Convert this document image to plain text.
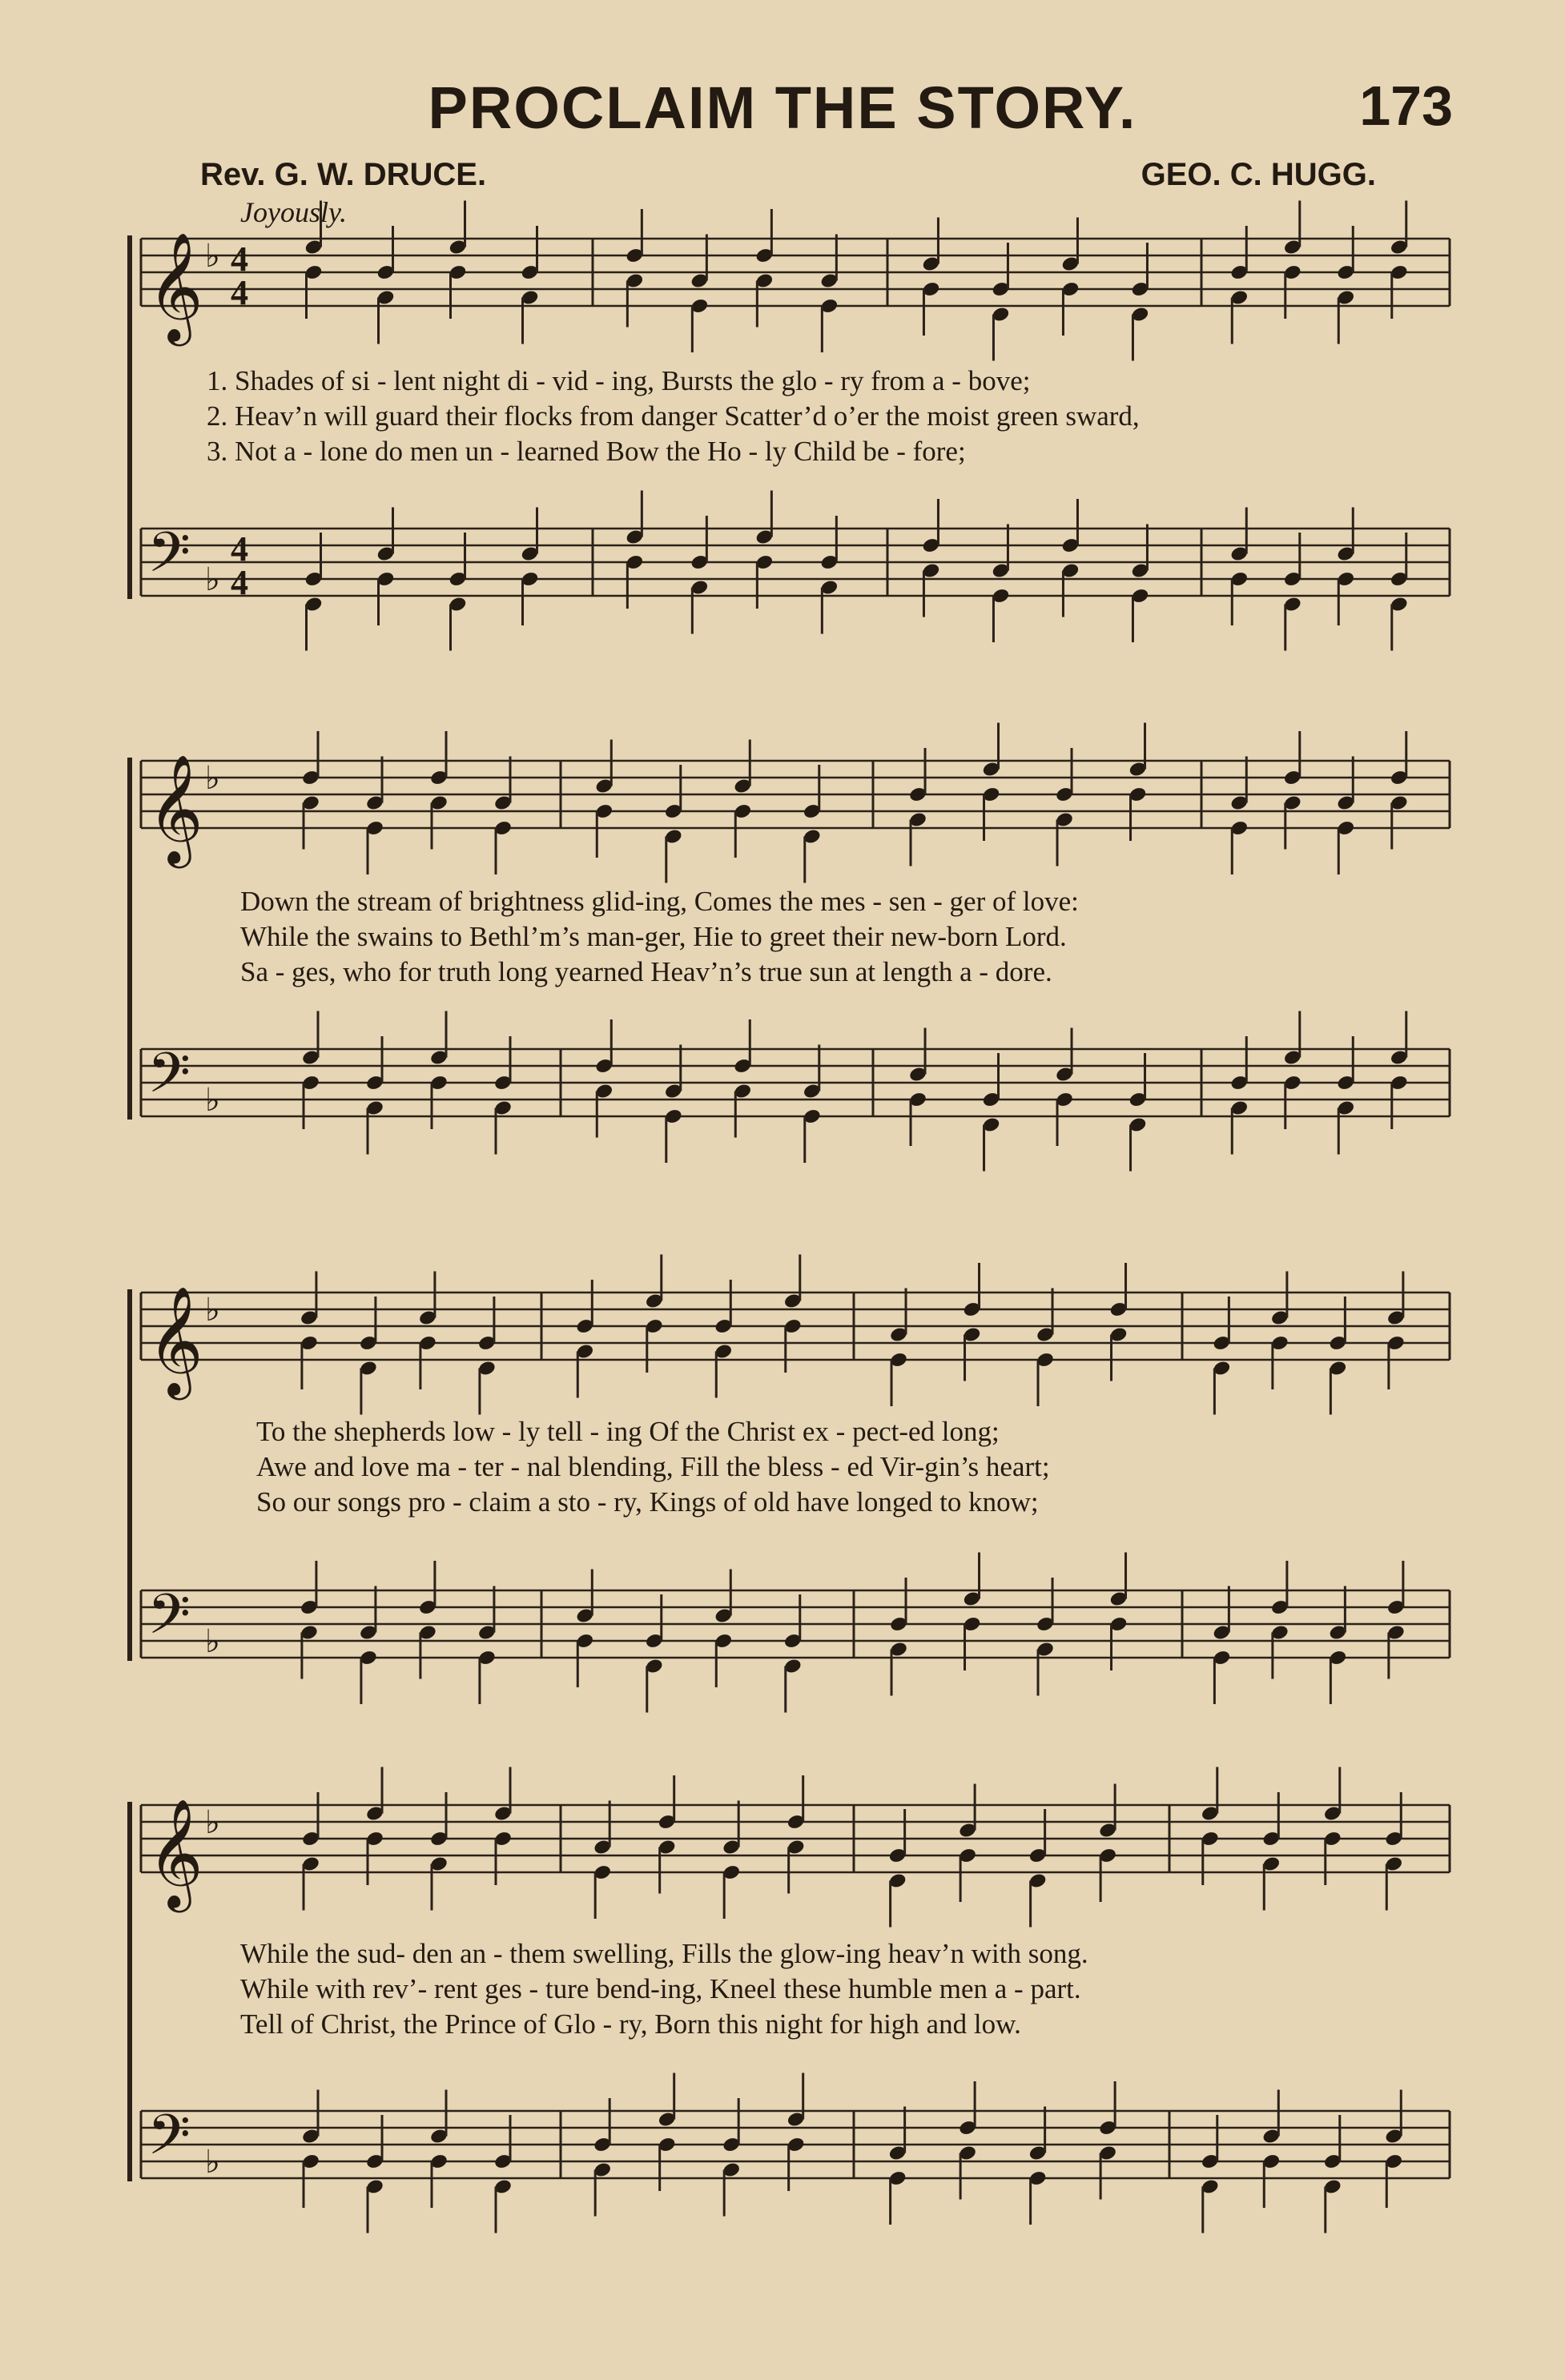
PROCLAIM THE STORY.	173
Rev. G. W. DRUCE.	GEO. C. HUGG.
Joyously.
𝄞 ♭ 4
4
𝄢 ♭
4
4
𝄞 ♭
𝄢 ♭
𝄞 ♭
𝄢 ♭
𝄞 ♭
𝄢 ♭
1. Shades of si - lent night di - vid - ing, Bursts the glo - ry from a - bove;
2. Heav’n will guard their flocks from danger Scatter’d o’er the moist green sward,
3. Not a - lone do men un - learned Bow the Ho - ly Child be - fore;
Down the stream of brightness glid-ing, Comes the mes - sen - ger of love:
While the swains to Bethl’m’s man-ger, Hie to greet their new-born Lord.
Sa - ges, who for truth long yearned Heav’n’s true sun at length a - dore.
To the shepherds low - ly tell - ing Of the Christ ex - pect-ed long;
Awe and love ma - ter - nal blending, Fill the bless - ed Vir-gin’s heart;
So our songs pro - claim a sto - ry, Kings of old have longed to know;
While the sud- den an - them swelling, Fills the glow-ing heav’n with song.
While with rev’- rent ges - ture bend-ing, Kneel these humble men a - part.
Tell of Christ, the Prince of Glo - ry, Born this night for high and low.
